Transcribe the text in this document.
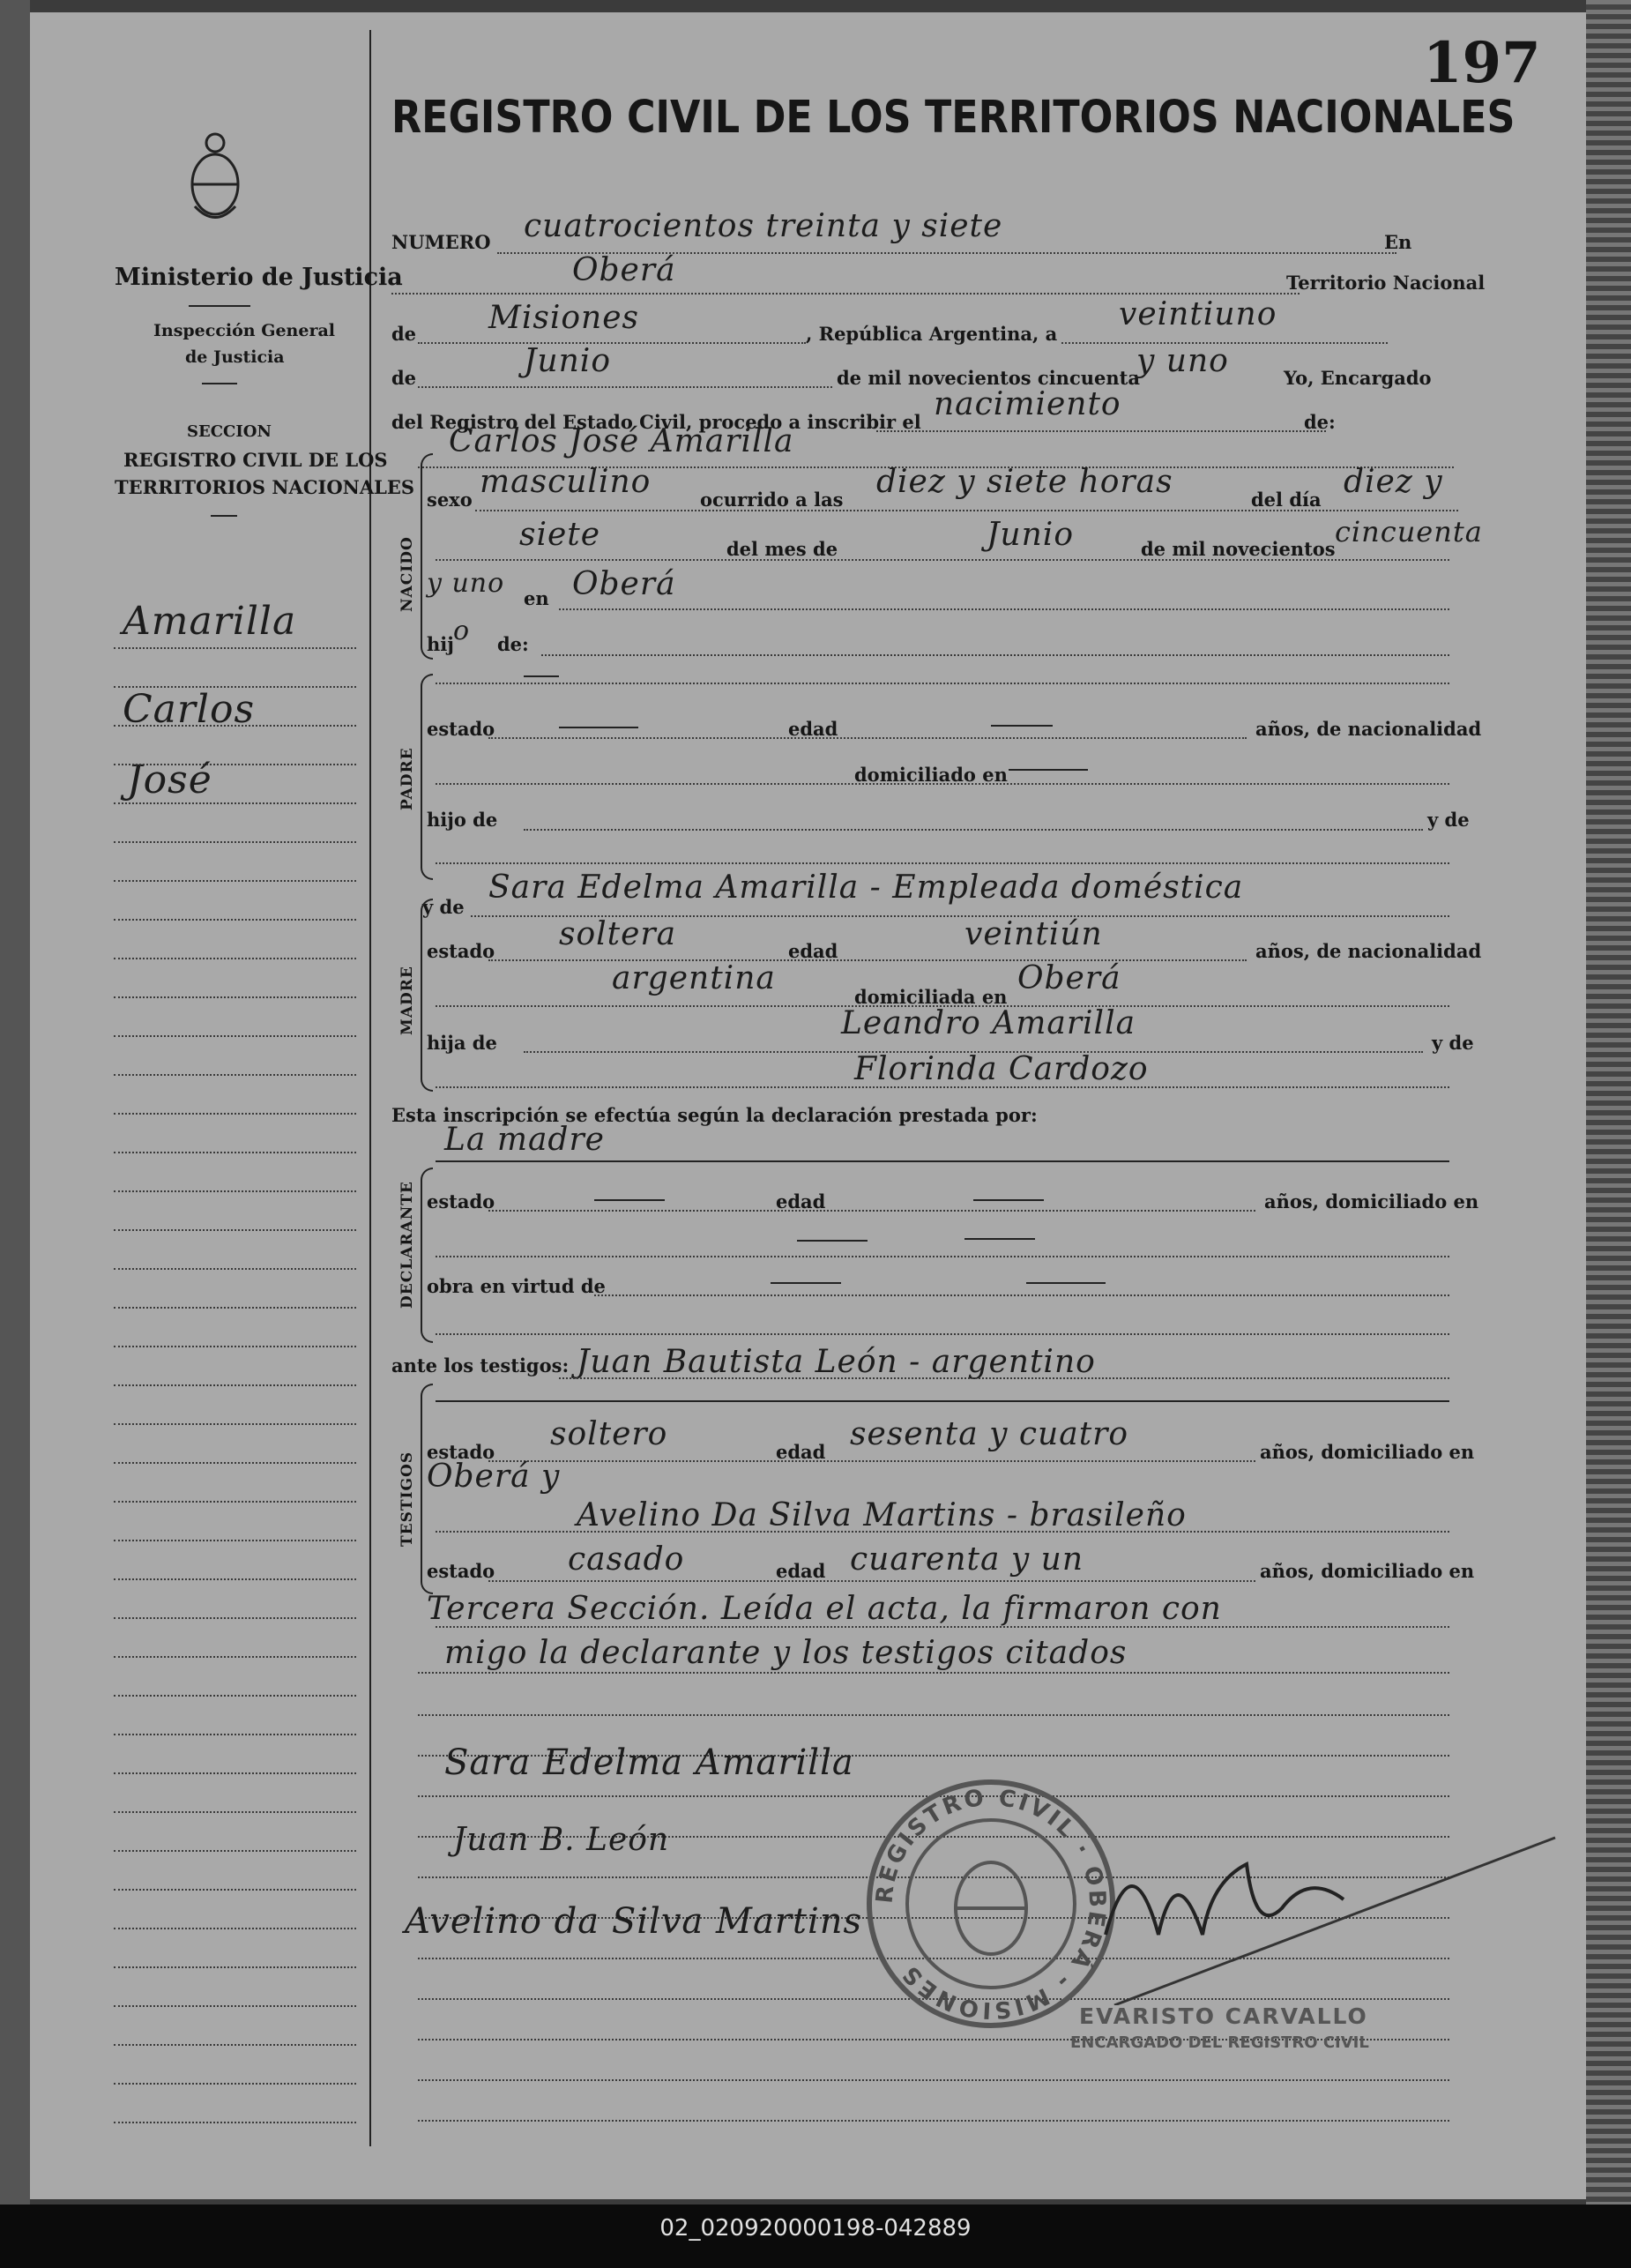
Ministerio de Justicia
Inspección General
de Justicia
SECCION
REGISTRO CIVIL DE LOS
TERRITORIOS NACIONALES
Amarilla
Carlos
José
197
REGISTRO CIVIL DE LOS TERRITORIOS NACIONALES
NUMERO cuatrocientos treinta y siete	En
Oberá	Territorio Nacional
de Misiones	, República Argentina, a
veintiuno
de	Junio	de mil novecientos cincuenta
y uno	Yo, Encargado
del Registro del Estado Civil, procedo a inscribir el nacimiento	de:
Carlos José Amarilla
NACIDO
sexo masculino	ocurrido a las diez y siete horas	del día diez y
siete	del mes de	Junio	de mil novecientos
cincuenta
y uno en Oberá
hij o de:
PADRE
estado	edad	años, de nacionalidad
domiciliado en
hijo de	y de
y de
Sara Edelma Amarilla - Empleada doméstica
MADRE
estado soltera	edad	veintiún	años, de nacionalidad
argentina
domiciliada en
Oberá
hija de
Leandro Amarilla
y de
Florinda Cardozo
Esta inscripción se efectúa según la declaración prestada por:
La madre
DECLARANTE estado	edad	años, domiciliado en
obra en virtud de
ante los testigos: Juan Bautista León - argentino
TESTIGOS estado soltero	edad sesenta y cuatro	años, domiciliado en
Oberá y
Avelino Da Silva Martins - brasileño
estado casado	edad cuarenta y un	años, domiciliado en
Tercera Sección. Leída el acta, la firmaron con
migo la declarante y los testigos citados
Sara Edelma Amarilla
Juan B. León
Avelino da Silva Martins
REGISTRO CIVIL · OBERÁ - MISIONES
EVARISTO CARVALLO
ENCARGADO DEL REGISTRO CIVIL
02_020920000198-042889
